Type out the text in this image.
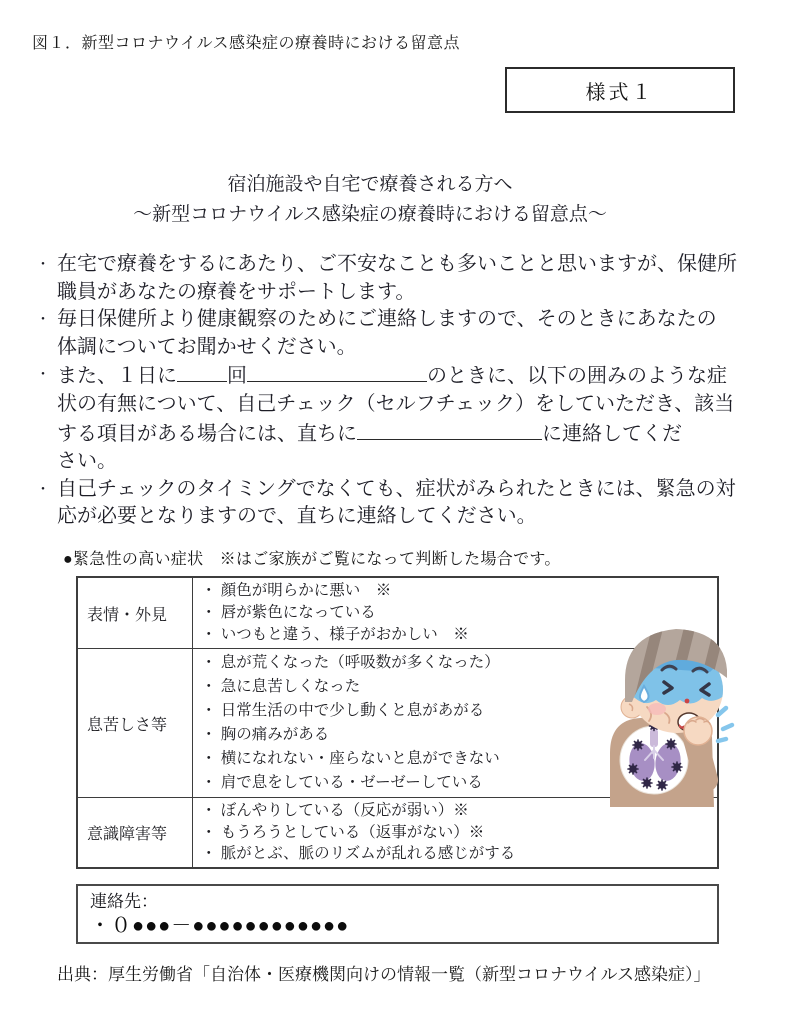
図１．新型コロナウイルス感染症の療養時における留意点
様式１
宿泊施設や自宅で療養される方へ
～新型コロナウイルス感染症の療養時における留意点～
・ 在宅で療養をするにあたり、ご不安なことも多いことと思いますが、保健所
職員があなたの療養をサポートします。
・ 毎日保健所より健康観察のためにご連絡しますので、そのときにあなたの
体調についてお聞かせください。
・ また、１日に	回	のときに、以下の囲みのような症
状の有無について、自己チェック（セルフチェック）をしていただき、該当
する項目がある場合には、直ちに	に連絡してくだ
さい。
・ 自己チェックのタイミングでなくても、症状がみられたときには、緊急の対
応が必要となりますので、直ちに連絡してください。
●緊急性の高い症状　※はご家族がご覧になって判断した場合です。
表情・外見	・ 顔色が明らかに悪い　※
・ 唇が紫色になっている
・ いつもと違う、様子がおかしい　※

息苦しさ等	
・ 息が荒くなった（呼吸数が多くなった）
・ 急に息苦しくなった
・ 日常生活の中で少し動くと息があがる
・ 胸の痛みがある
・ 横になれない・座らないと息ができない
・ 肩で息をしている・ゼーゼーしている

意識障害等	・ ぼんやりしている（反応が弱い）※
・ もうろうとしている（返事がない）※
・ 脈がとぶ、脈のリズムが乱れる感じがする
連絡先：
・０●●●－●●●●●●●●●●●●
出典：厚生労働省「自治体・医療機関向けの情報一覧（新型コロナウイルス感染症）」
